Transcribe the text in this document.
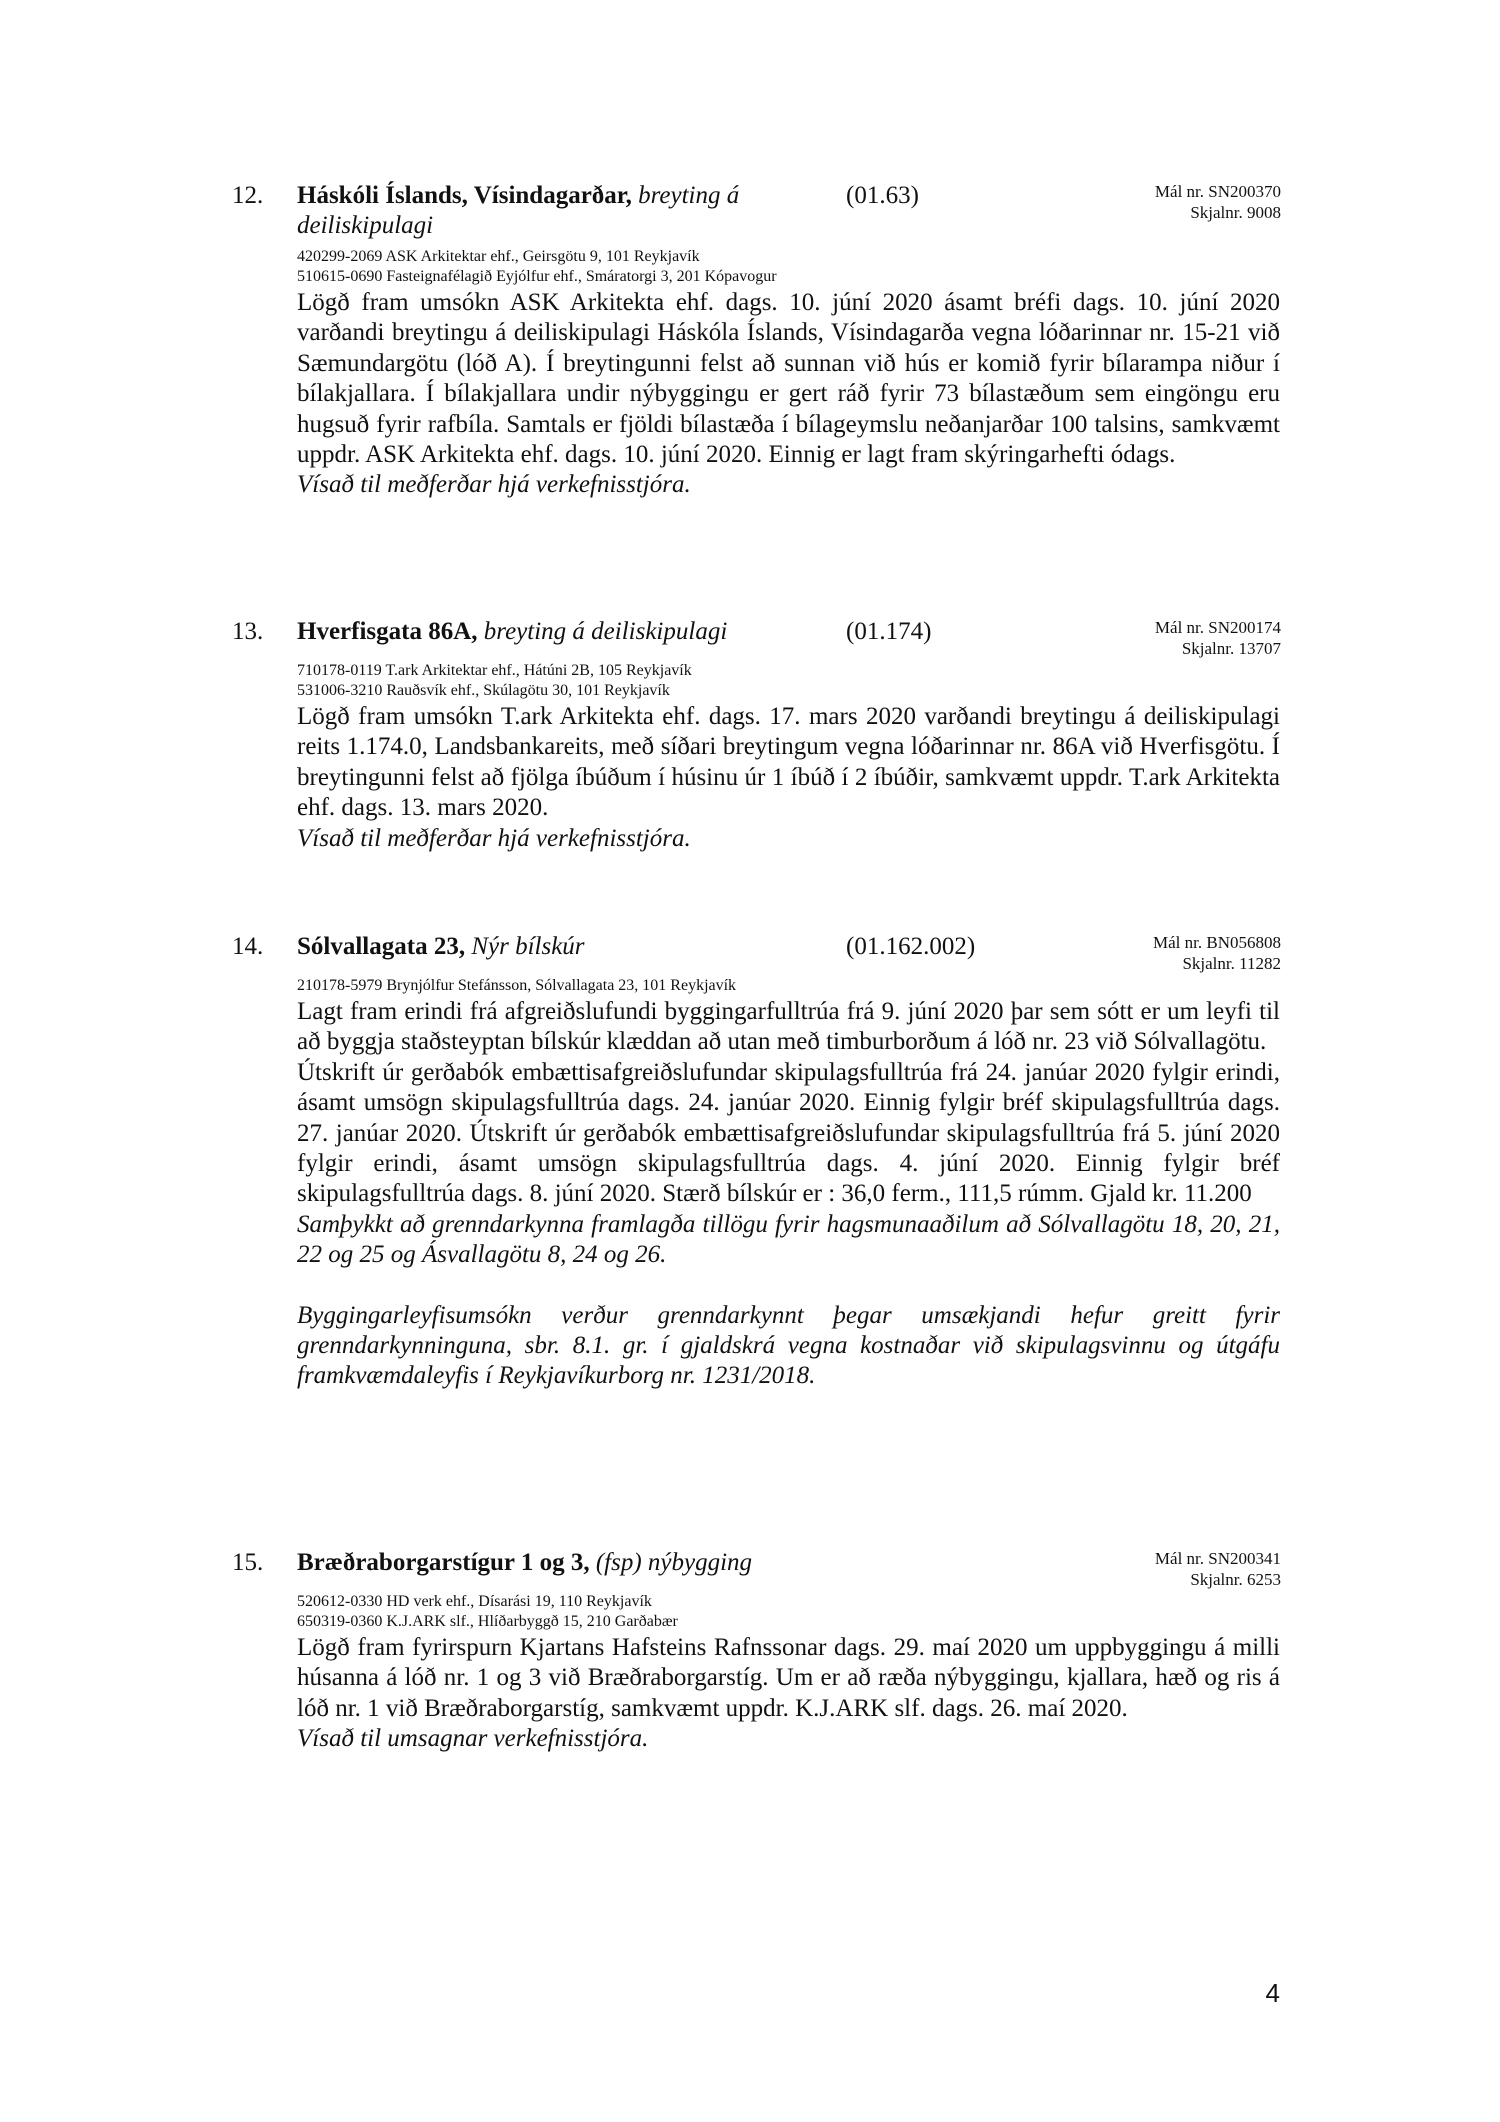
12. Háskóli Íslands, Vísindagarðar, breyting á
deiliskipulagi
(01.63)	Mál nr. SN200370
Skjalnr. 9008
420299-2069 ASK Arkitektar ehf., Geirsgötu 9, 101 Reykjavík
510615-0690 Fasteignafélagið Eyjólfur ehf., Smáratorgi 3, 201 Kópavogur

Lögð fram umsókn ASK Arkitekta ehf. dags. 10. júní 2020 ásamt bréfi dags. 10. júní 2020 varðandi breytingu á deiliskipulagi Háskóla Íslands, Vísindagarða vegna lóðarinnar nr. 15-21 við Sæmundargötu (lóð A). Í breytingunni felst að sunnan við hús er komið fyrir bílarampa niður í bílakjallara. Í bílakjallara undir nýbyggingu er gert ráð fyrir 73 bílastæðum sem eingöngu eru hugsuð fyrir rafbíla. Samtals er fjöldi bílastæða í bílageymslu neðanjarðar 100 talsins, samkvæmt uppdr. ASK Arkitekta ehf. dags. 10. júní 2020. Einnig er lagt fram skýringarhefti ódags.

Vísað til meðferðar hjá verkefnisstjóra.

13. Hverfisgata 86A, breyting á deiliskipulagi	(01.174)	Mál nr. SN200174
Skjalnr. 13707
710178-0119 T.ark Arkitektar ehf., Hátúni 2B, 105 Reykjavík
531006-3210 Rauðsvík ehf., Skúlagötu 30, 101 Reykjavík

Lögð fram umsókn T.ark Arkitekta ehf. dags. 17. mars 2020 varðandi breytingu á deiliskipulagi reits 1.174.0, Landsbankareits, með síðari breytingum vegna lóðarinnar nr. 86A við Hverfisgötu. Í breytingunni felst að fjölga íbúðum í húsinu úr 1 íbúð í 2 íbúðir, samkvæmt uppdr. T.ark Arkitekta ehf. dags. 13. mars 2020.

Vísað til meðferðar hjá verkefnisstjóra.

14. Sólvallagata 23, Nýr bílskúr	(01.162.002)	Mál nr. BN056808
Skjalnr. 11282
210178-5979 Brynjólfur Stefánsson, Sólvallagata 23, 101 Reykjavík

Lagt fram erindi frá afgreiðslufundi byggingarfulltrúa frá 9. júní 2020 þar sem sótt er um leyfi til að byggja staðsteyptan bílskúr klæddan að utan með timburborðum á lóð nr. 23 við Sólvallagötu.

Útskrift úr gerðabók embættisafgreiðslufundar skipulagsfulltrúa frá 24. janúar 2020 fylgir erindi, ásamt umsögn skipulagsfulltrúa dags. 24. janúar 2020. Einnig fylgir bréf skipulagsfulltrúa dags. 27. janúar 2020. Útskrift úr gerðabók embættisafgreiðslufundar skipulagsfulltrúa frá 5. júní 2020 fylgir erindi, ásamt umsögn skipulagsfulltrúa dags. 4. júní 2020. Einnig fylgir bréf skipulagsfulltrúa dags. 8. júní 2020. Stærð bílskúr er : 36,0 ferm., 111,5 rúmm. Gjald kr. 11.200

Samþykkt að grenndarkynna framlagða tillögu fyrir hagsmunaaðilum að Sólvallagötu 18, 20, 21, 22 og 25 og Ásvallagötu 8, 24 og 26.

Byggingarleyfisumsókn verður grenndarkynnt þegar umsækjandi hefur greitt fyrir grenndarkynninguna, sbr. 8.1. gr. í gjaldskrá vegna kostnaðar við skipulagsvinnu og útgáfu framkvæmdaleyfis í Reykjavíkurborg nr. 1231/2018.

15. Bræðraborgarstígur 1 og 3, (fsp) nýbygging	Mál nr. SN200341
Skjalnr. 6253
520612-0330 HD verk ehf., Dísarási 19, 110 Reykjavík
650319-0360 K.J.ARK slf., Hlíðarbyggð 15, 210 Garðabær

Lögð fram fyrirspurn Kjartans Hafsteins Rafnssonar dags. 29. maí 2020 um uppbyggingu á milli húsanna á lóð nr. 1 og 3 við Bræðraborgarstíg. Um er að ræða nýbyggingu, kjallara, hæð og ris á lóð nr. 1 við Bræðraborgarstíg, samkvæmt uppdr. K.J.ARK slf. dags. 26. maí 2020.

Vísað til umsagnar verkefnisstjóra.

4
